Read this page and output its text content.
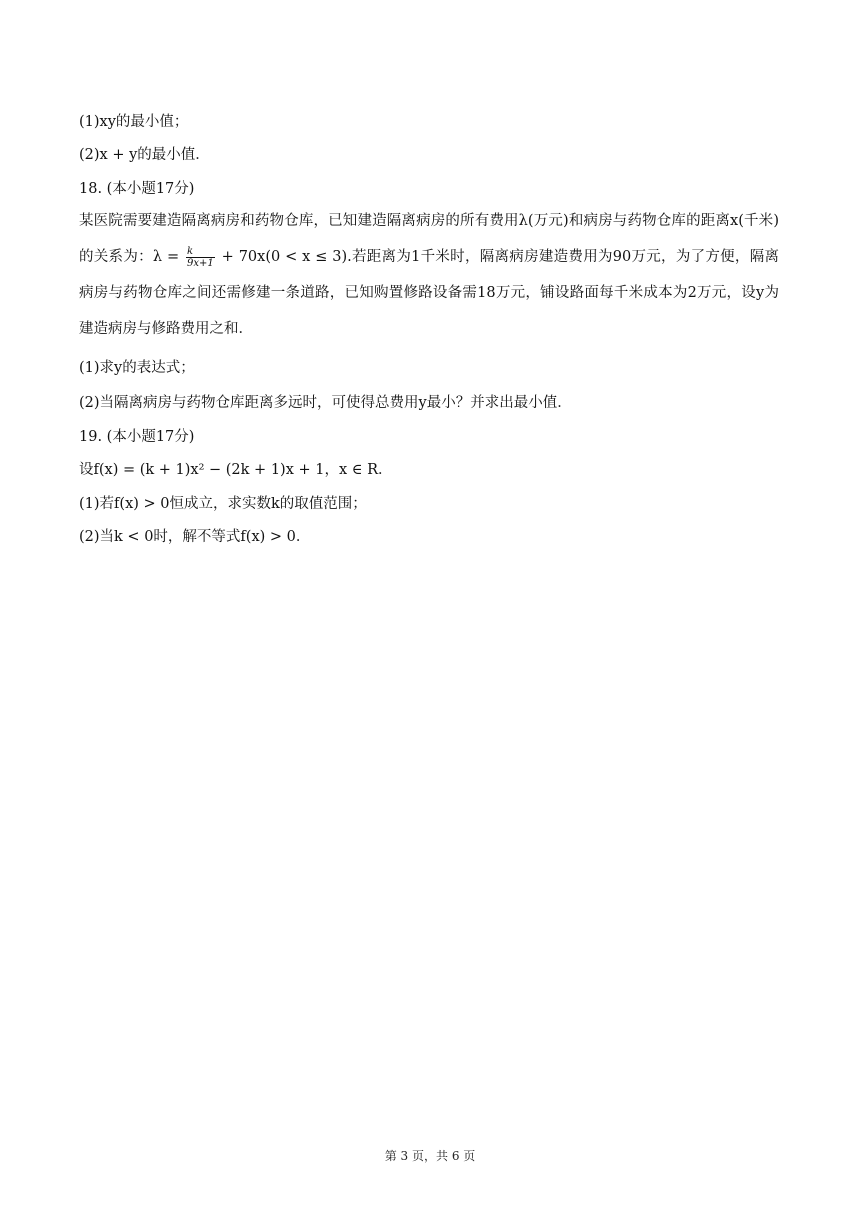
(1)xy的最小值；
(2)x + y的最小值．
18. (本小题17分)
某医院需要建造隔离病房和药物仓库，已知建造隔离病房的所有费用λ(万元)和病房与药物仓库的距离x(千米)的关系为：$\lambda = \frac{k}{9x+1} + 70x(0 < x \le 3)$.若距离为1千米时，隔离病房建造费用为90万元，为了方便，隔离病房与药物仓库之间还需修建一条道路，已知购置修路设备需18万元，铺设路面每千米成本为2万元，设y为建造病房与修路费用之和．
(1)求y的表达式；
(2)当隔离病房与药物仓库距离多远时，可使得总费用y最小？并求出最小值．
19. (本小题17分)
设f(x) = (k + 1)x² − (2k + 1)x + 1，x ∈ R．
(1)若f(x) > 0恒成立，求实数k的取值范围；
(2)当k < 0时，解不等式f(x) > 0．
第 3 页，共 6 页
